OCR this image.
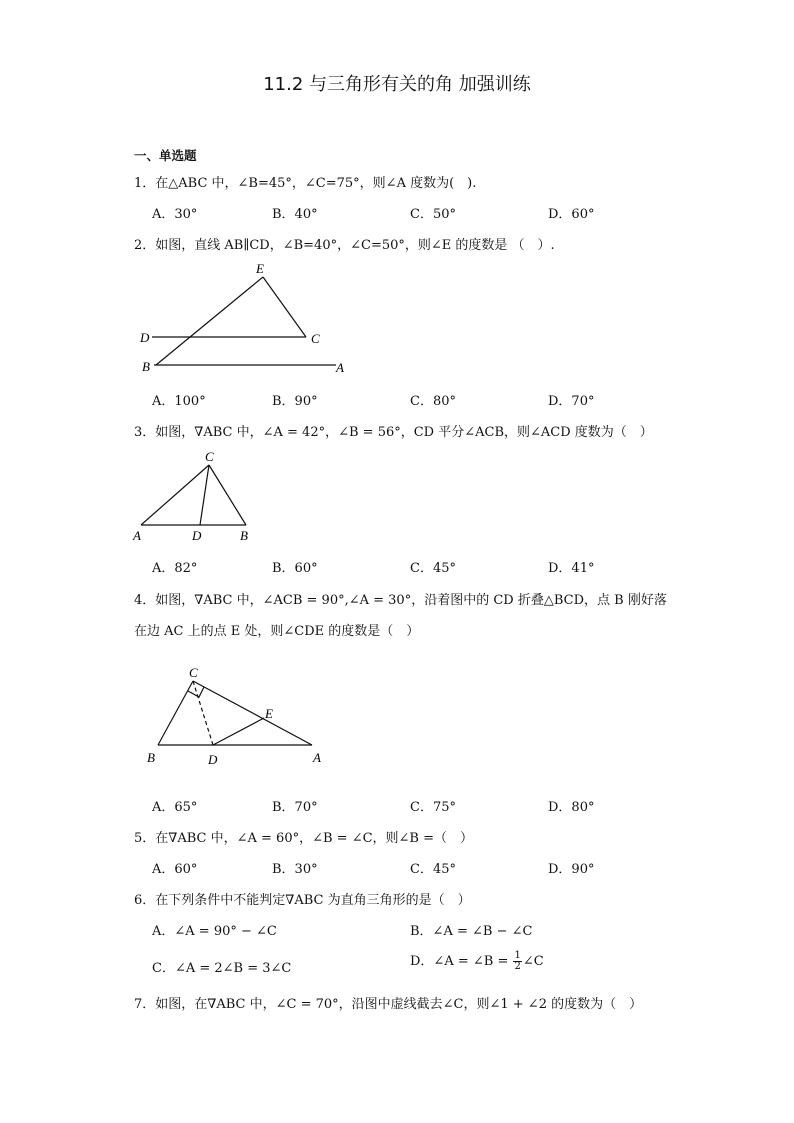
11.2 与三角形有关的角 加强训练
一、单选题
1．在△ABC 中，∠B=45°，∠C=75°，则∠A 度数为(　).
A．30°	B．40°	C．50°	D．60°
2．如图，直线 AB∥CD，∠B=40°，∠C=50°，则∠E 的度数是 （　）.
E
D	C
B	A
A．100°	B．90°	C．80°	D．70°
3．如图，∇ABC 中，∠A = 42°，∠B = 56°，CD 平分∠ACB，则∠ACD 度数为（　）
C
A	D	B
A．82°	B．60°	C．45°	D．41°
4．如图，∇ABC 中，∠ACB = 90°,∠A = 30°，沿着图中的 CD 折叠△BCD，点 B 刚好落
在边 AC 上的点 E 处，则∠CDE 的度数是（　）
C
E
B	D	A
A．65°	B．70°	C．75°	D．80°
5．在∇ABC 中，∠A = 60°，∠B = ∠C，则∠B =（　）
A．60°	B．30°	C．45°	D．90°
6．在下列条件中不能判定∇ABC 为直角三角形的是（　）
A．∠A = 90° − ∠C	B．∠A = ∠B − ∠C
C．∠A = 2∠B = 3∠C	D．∠A = ∠B = $\frac{1}{2}$ ∠C
7．如图，在∇ABC 中，∠C = 70°，沿图中虚线截去∠C，则∠1 + ∠2 的度数为（　）
